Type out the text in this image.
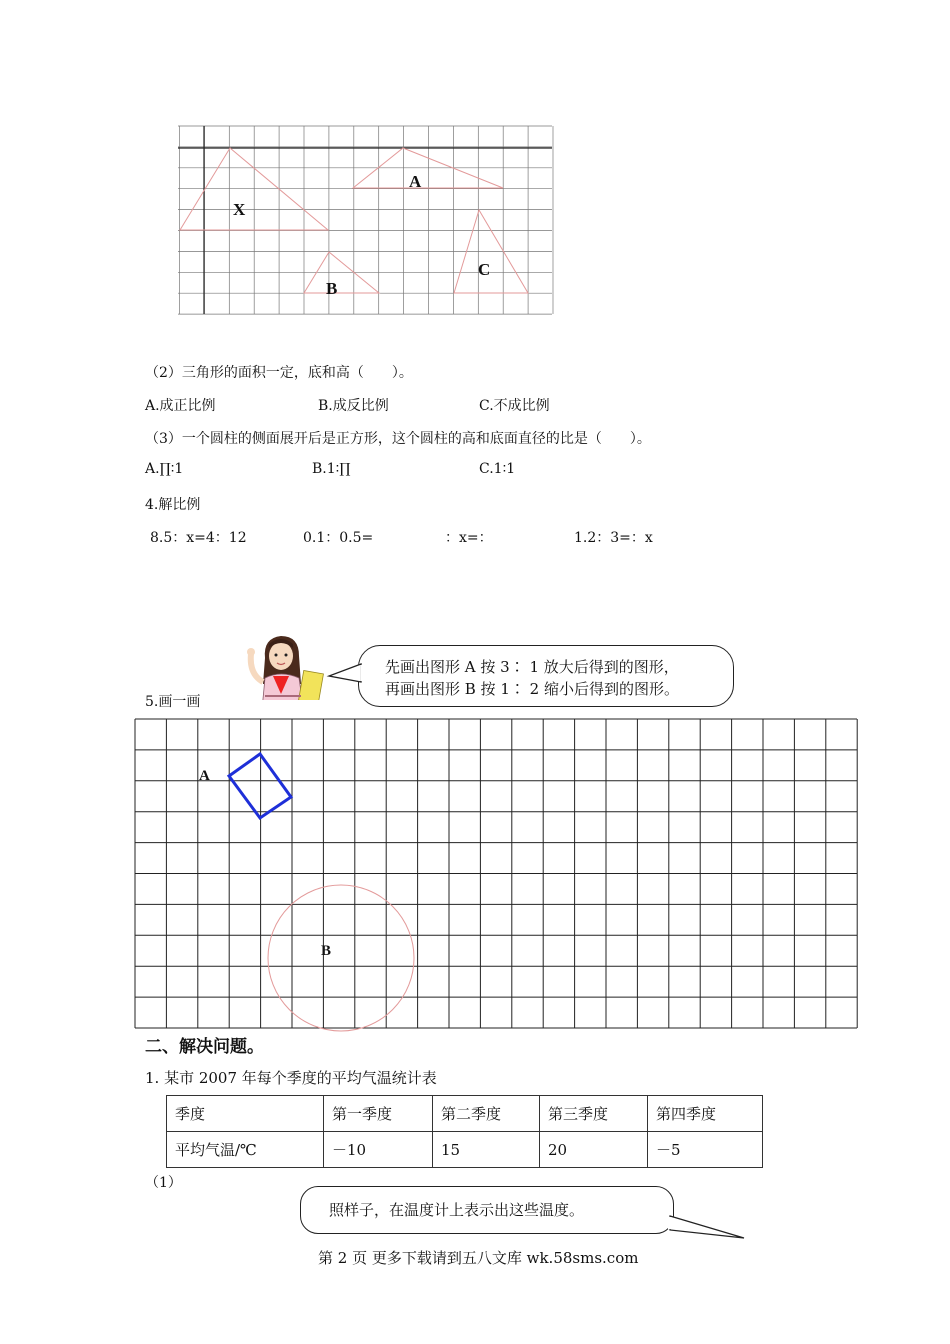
X
A
B
C
（2）三角形的面积一定，底和高（　　）。
A.成正比例	B.成反比例	C.不成比例
（3）一个圆柱的侧面展开后是正方形，这个圆柱的高和底面直径的比是（　　）。
A.∏∶1	B.1∶∏	C.1∶1
4.解比例
8.5：x=4：12	0.1：0.5=	：x=：	1.2：3=：x
5.画一画
先画出图形 A 按 3∶ 1 放大后得到的图形，
再画出图形 B 按 1∶ 2 缩小后得到的图形。
A
B
二、解决问题。
1. 某市 2007 年每个季度的平均气温统计表
季度	第一季度	第二季度	第三季度	第四季度
平均气温/℃	－10	15	20	－5
（1）
照样子，在温度计上表示出这些温度。
第 2 页 更多下载请到五八文库 wk.58sms.com
